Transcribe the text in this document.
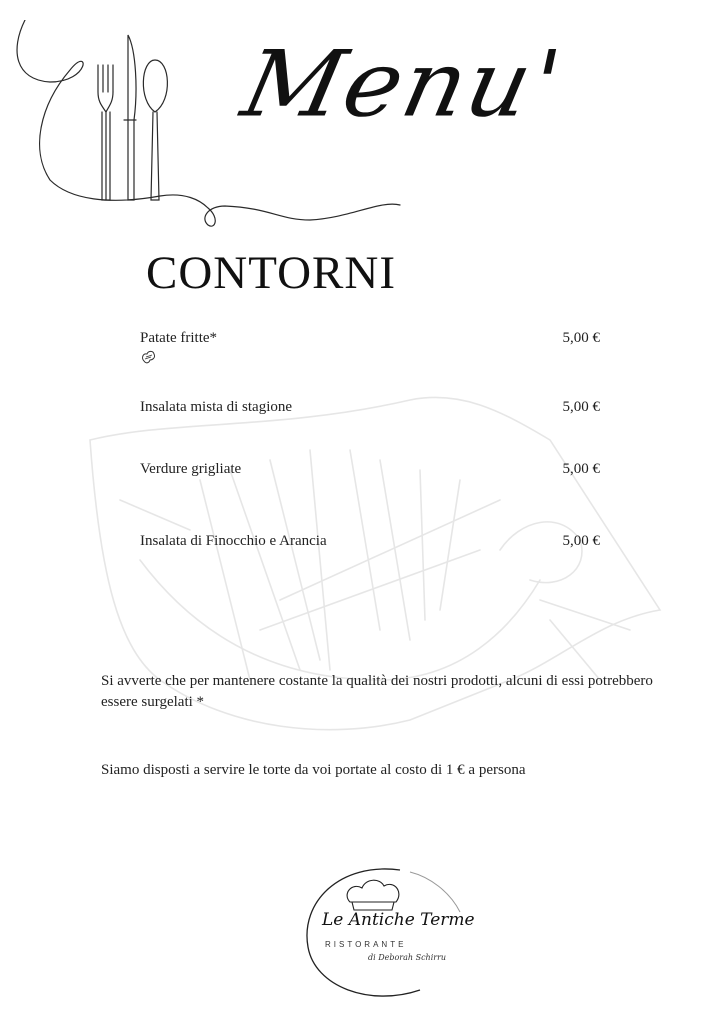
Menu'
CONTORNI
Patate fritte*	5,00 €
Insalata mista di stagione	5,00 €
Verdure grigliate	5,00 €
Insalata di Finocchio e Arancia	5,00 €
Si avverte che per mantenere costante la qualità dei nostri prodotti, alcuni di essi potrebbero essere surgelati *
Siamo disposti a servire le torte da voi portate al costo di 1 € a persona
Le Antiche Terme
RISTORANTE
di Deborah Schirru
